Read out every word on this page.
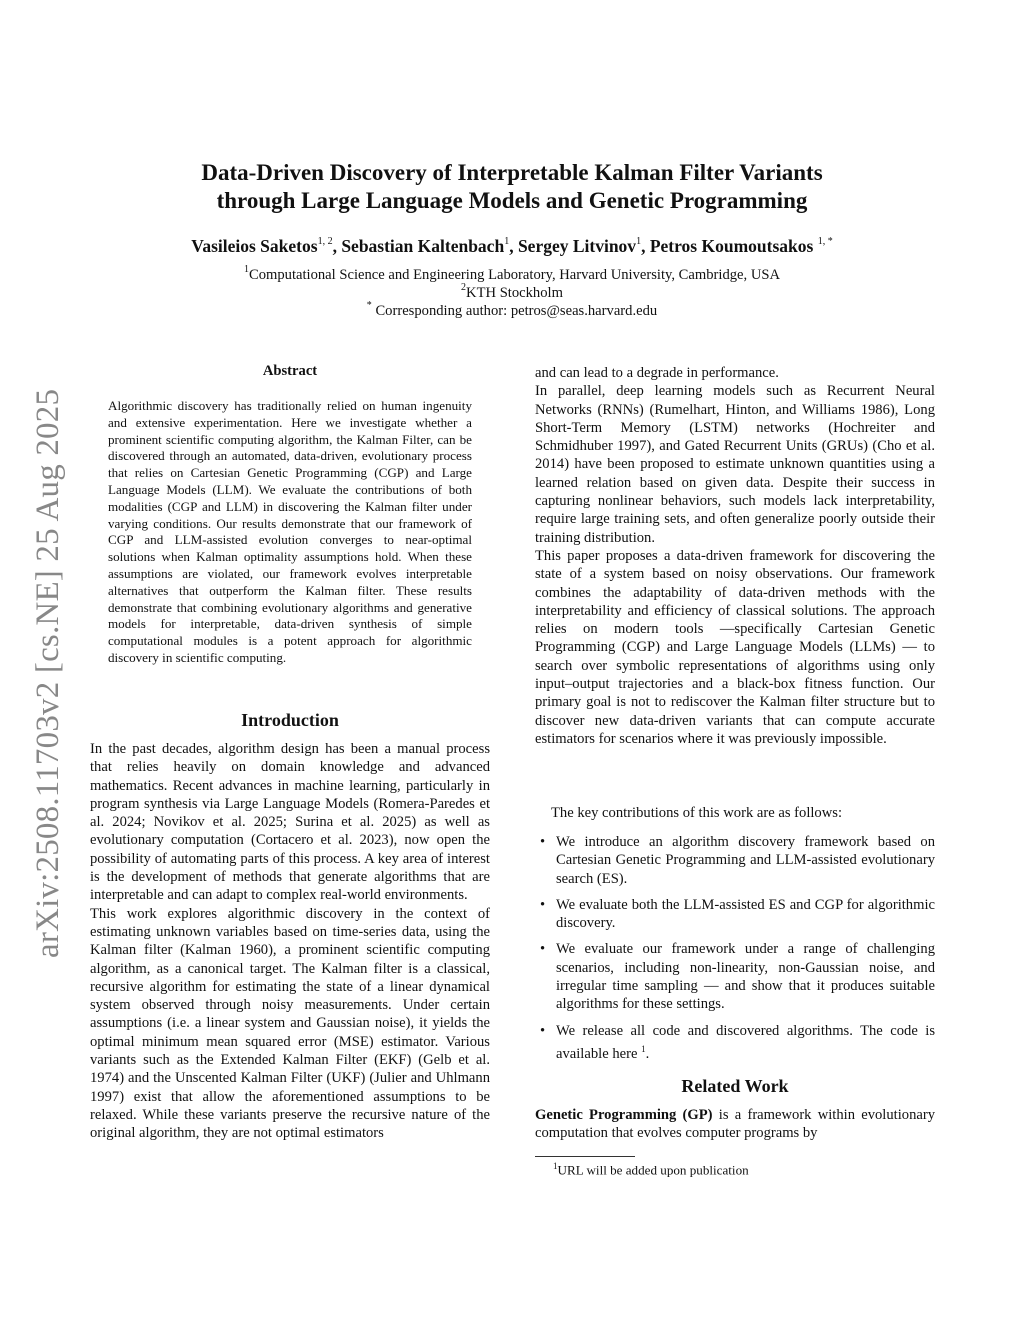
arXiv:2508.11703v2 [cs.NE] 25 Aug 2025
Data-Driven Discovery of Interpretable Kalman Filter Variants
through Large Language Models and Genetic Programming
Vasileios Saketos$^{1, 2}$, Sebastian Kaltenbach$^1$, Sergey Litvinov$^1$, Petros Koumoutsakos $^{1, *}$
$^1$Computational Science and Engineering Laboratory, Harvard University, Cambridge, USA
$^2$KTH Stockholm
* Corresponding author: petros@seas.harvard.edu
Abstract

Algorithmic discovery has traditionally relied on human ingenuity and extensive experimentation. Here we investigate whether a prominent scientific computing algorithm, the Kalman Filter, can be discovered through an automated, data-driven, evolutionary process that relies on Cartesian Genetic Programming (CGP) and Large Language Models (LLM). We evaluate the contributions of both modalities (CGP and LLM) in discovering the Kalman filter under varying conditions. Our results demonstrate that our framework of CGP and LLM-assisted evolution converges to near-optimal solutions when Kalman optimality assumptions hold. When these assumptions are violated, our framework evolves interpretable alternatives that outperform the Kalman filter. These results demonstrate that combining evolutionary algorithms and generative models for interpretable, data-driven synthesis of simple computational modules is a potent approach for algorithmic discovery in scientific computing.

Introduction

In the past decades, algorithm design has been a manual process that relies heavily on domain knowledge and advanced mathematics. Recent advances in machine learning, particularly in program synthesis via Large Language Models (Romera-Paredes et al. 2024; Novikov et al. 2025; Surina et al. 2025) as well as evolutionary computation (Cortacero et al. 2023), now open the possibility of automating parts of this process. A key area of interest is the development of methods that generate algorithms that are interpretable and can adapt to complex real-world environments.

This work explores algorithmic discovery in the context of estimating unknown variables based on time-series data, using the Kalman filter (Kalman 1960), a prominent scientific computing algorithm, as a canonical target. The Kalman filter is a classical, recursive algorithm for estimating the state of a linear dynamical system observed through noisy measurements. Under certain assumptions (i.e. a linear system and Gaussian noise), it yields the optimal minimum mean squared error (MSE) estimator. Various variants such as the Extended Kalman Filter (EKF) (Gelb et al. 1974) and the Unscented Kalman Filter (UKF) (Julier and Uhlmann 1997) exist that allow the aforementioned assumptions to be relaxed. While these variants preserve the recursive nature of the original algorithm, they are not optimal estimators

and can lead to a degrade in performance.

In parallel, deep learning models such as Recurrent Neural Networks (RNNs) (Rumelhart, Hinton, and Williams 1986), Long Short-Term Memory (LSTM) networks (Hochreiter and Schmidhuber 1997), and Gated Recurrent Units (GRUs) (Cho et al. 2014) have been proposed to estimate unknown quantities using a learned relation based on given data. Despite their success in capturing nonlinear behaviors, such models lack interpretability, require large training sets, and often generalize poorly outside their training distribution.

This paper proposes a data-driven framework for discovering the state of a system based on noisy observations. Our framework combines the adaptability of data-driven methods with the interpretability and efficiency of classical solutions. The approach relies on modern tools —specifically Cartesian Genetic Programming (CGP) and Large Language Models (LLMs) — to search over symbolic representations of algorithms using only input–output trajectories and a black-box fitness function. Our primary goal is not to rediscover the Kalman filter structure but to discover new data-driven variants that can compute accurate estimators for scenarios where it was previously impossible.

The key contributions of this work are as follows:

• We introduce an algorithm discovery framework based on Cartesian Genetic Programming and LLM-assisted evolutionary search (ES).
• We evaluate both the LLM-assisted ES and CGP for algorithmic discovery.
• We evaluate our framework under a range of challenging scenarios, including non-linearity, non-Gaussian noise, and irregular time sampling — and show that it produces suitable algorithms for these settings.
• We release all code and discovered algorithms. The code is available here $^1$.
Related Work

Genetic Programming (GP) is a framework within evolutionary computation that evolves computer programs by

$^1$URL will be added upon publication
